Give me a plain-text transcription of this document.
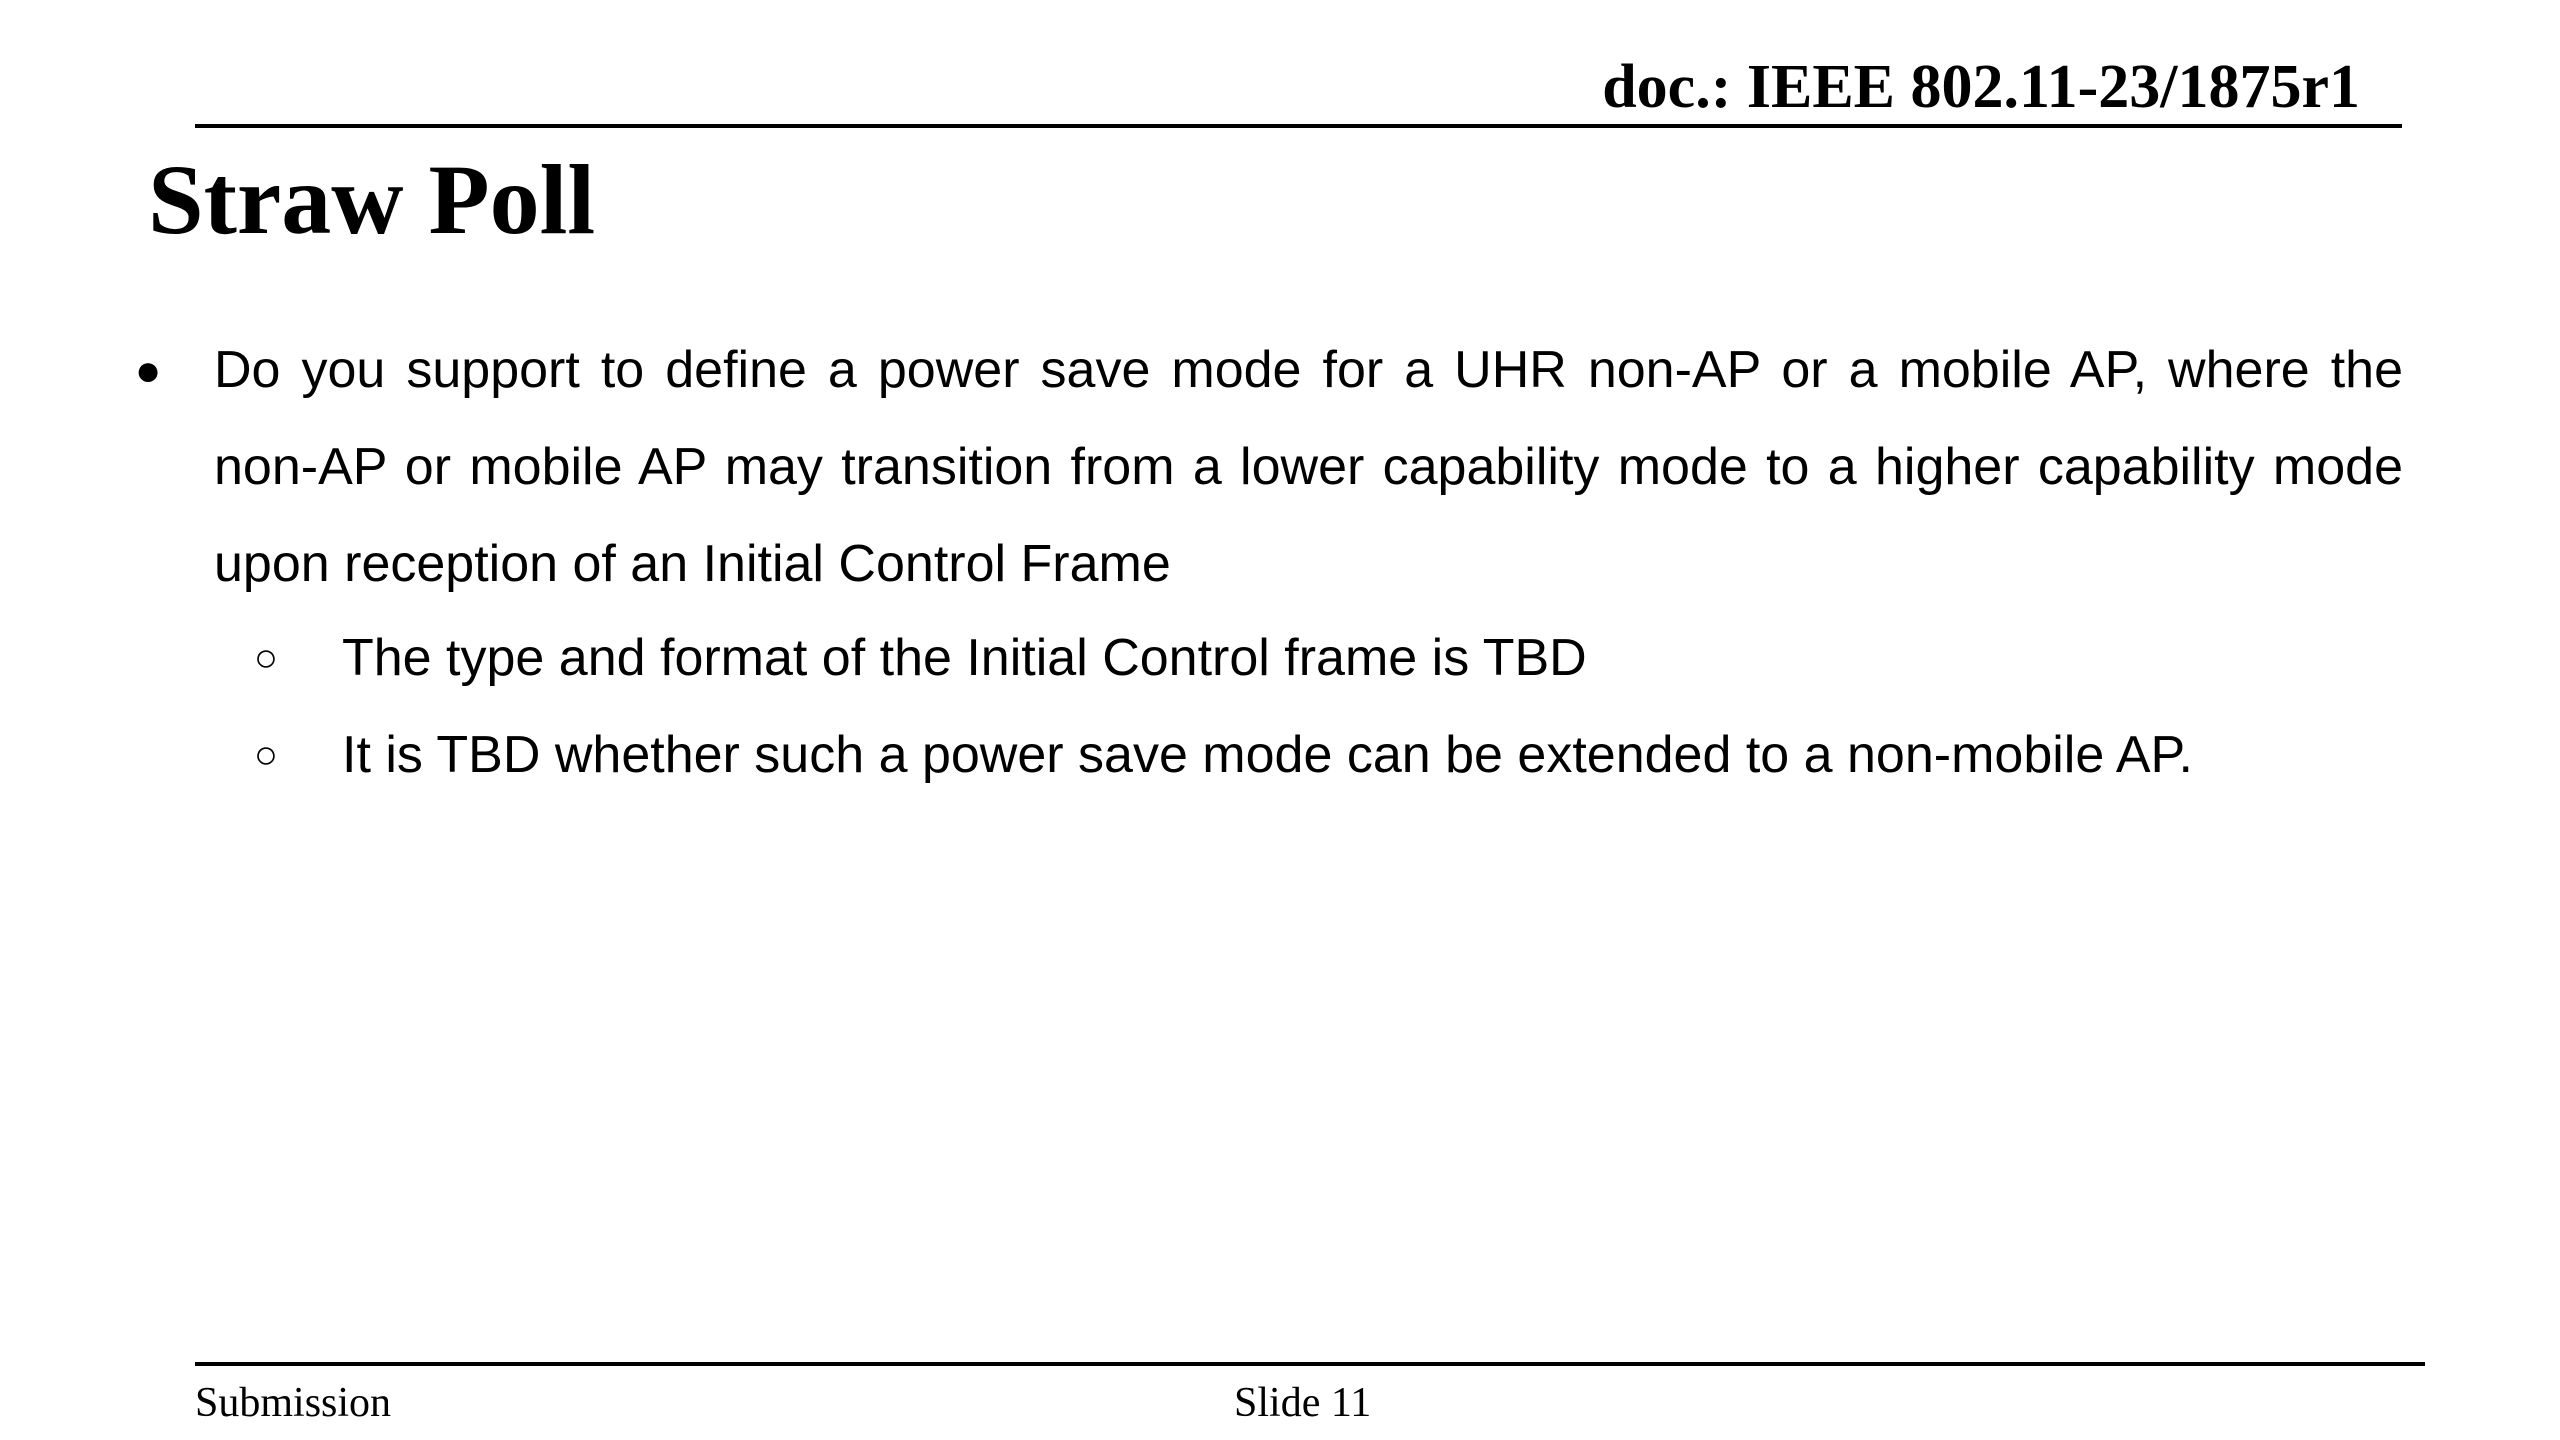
doc.: IEEE 802.11-23/1875r1
Straw Poll
●	Do you support to define a power save mode for a UHR non-AP or a mobile AP, where the non-AP or mobile AP may transition from a lower capability mode to a higher capability mode upon reception of an Initial Control Frame
○ The type and format of the Initial Control frame is TBD
○ It is TBD whether such a power save mode can be extended to a non-mobile AP.
Submission	Slide 11
